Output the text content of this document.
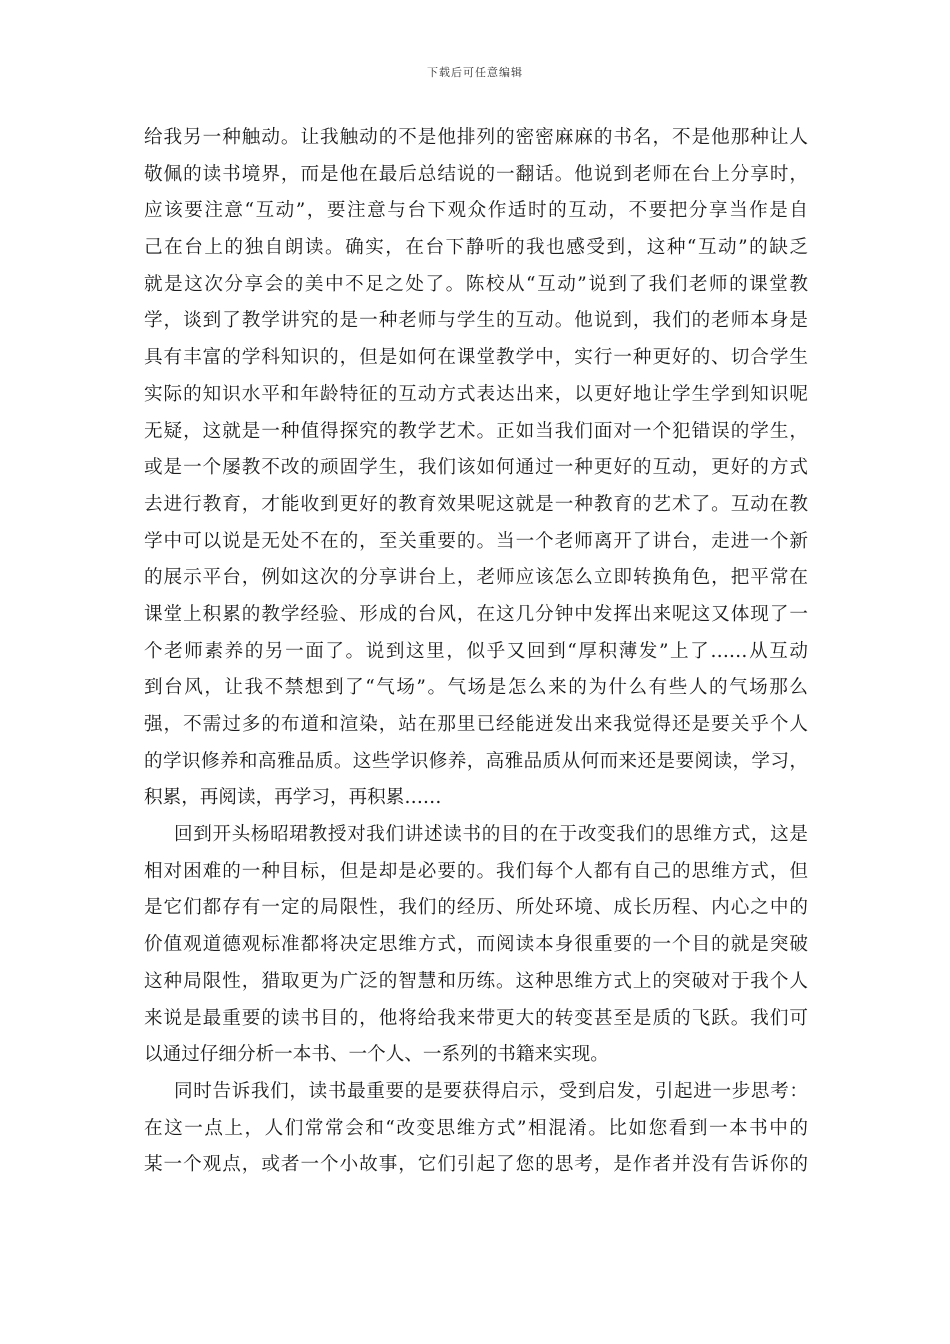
下载后可任意编辑
给我另一种触动。让我触动的不是他排列的密密麻麻的书名，不是他那种让人
敬佩的读书境界，而是他在最后总结说的一翻话。他说到老师在台上分享时，
应该要注意“互动”，要注意与台下观众作适时的互动，不要把分享当作是自
己在台上的独自朗读。确实，在台下静听的我也感受到，这种“互动”的缺乏
就是这次分享会的美中不足之处了。陈校从“互动”说到了我们老师的课堂教
学，谈到了教学讲究的是一种老师与学生的互动。他说到，我们的老师本身是
具有丰富的学科知识的，但是如何在课堂教学中，实行一种更好的、切合学生
实际的知识水平和年龄特征的互动方式表达出来，以更好地让学生学到知识呢
无疑，这就是一种值得探究的教学艺术。正如当我们面对一个犯错误的学生，
或是一个屡教不改的顽固学生，我们该如何通过一种更好的互动，更好的方式
去进行教育，才能收到更好的教育效果呢这就是一种教育的艺术了。互动在教
学中可以说是无处不在的，至关重要的。当一个老师离开了讲台，走进一个新
的展示平台，例如这次的分享讲台上，老师应该怎么立即转换角色，把平常在
课堂上积累的教学经验、形成的台风，在这几分钟中发挥出来呢这又体现了一
个老师素养的另一面了。说到这里，似乎又回到“厚积薄发”上了……从互动
到台风，让我不禁想到了“气场”。气场是怎么来的为什么有些人的气场那么
强，不需过多的布道和渲染，站在那里已经能迸发出来我觉得还是要关乎个人
的学识修养和高雅品质。这些学识修养，高雅品质从何而来还是要阅读，学习，
积累，再阅读，再学习，再积累……
回到开头杨昭珺教授对我们讲述读书的目的在于改变我们的思维方式，这是
相对困难的一种目标，但是却是必要的。我们每个人都有自己的思维方式，但
是它们都存有一定的局限性，我们的经历、所处环境、成长历程、内心之中的
价值观道德观标准都将决定思维方式，而阅读本身很重要的一个目的就是突破
这种局限性，猎取更为广泛的智慧和历练。这种思维方式上的突破对于我个人
来说是最重要的读书目的，他将给我来带更大的转变甚至是质的飞跃。我们可
以通过仔细分析一本书、一个人、一系列的书籍来实现。
同时告诉我们，读书最重要的是要获得启示，受到启发，引起进一步思考：
在这一点上，人们常常会和“改变思维方式”相混淆。比如您看到一本书中的
某一个观点，或者一个小故事，它们引起了您的思考，是作者并没有告诉你的
